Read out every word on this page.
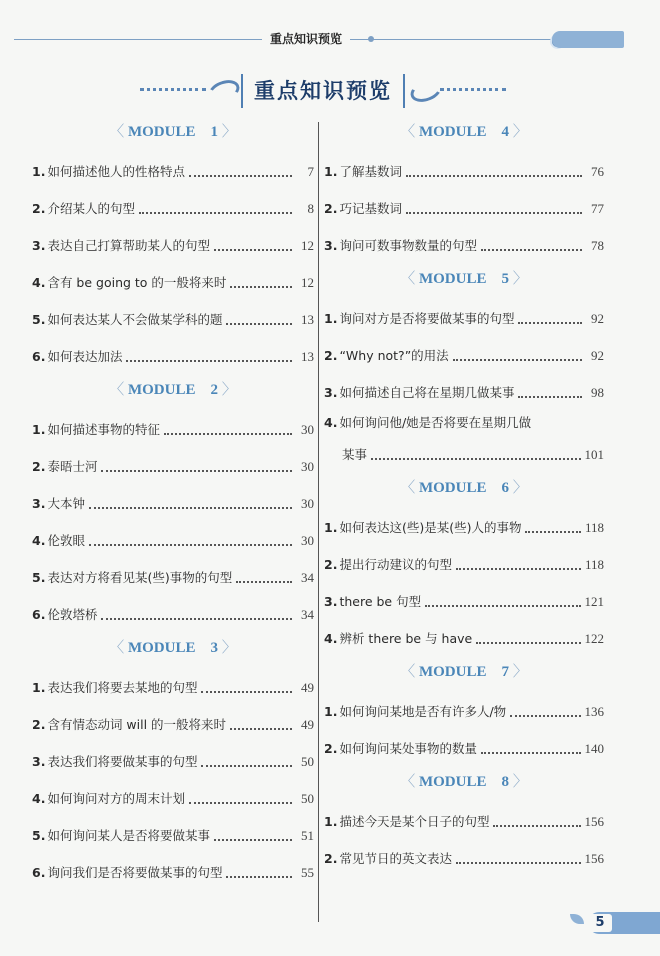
重点知识预览
重点知识预览
〈 MODULE　1 〉
1. 如何描述他人的性格特点	7
2. 介绍某人的句型	8
3. 表达自己打算帮助某人的句型	12
4. 含有 be going to 的一般将来时	12
5. 如何表达某人不会做某学科的题	13
6. 如何表达加法	13
〈 MODULE　2 〉
1. 如何描述事物的特征	30
2. 泰晤士河	30
3. 大本钟	30
4. 伦敦眼	30
5. 表达对方将看见某(些)事物的句型	34
6. 伦敦塔桥	34
〈 MODULE　3 〉
1. 表达我们将要去某地的句型	49
2. 含有情态动词 will 的一般将来时	49
3. 表达我们将要做某事的句型	50
4. 如何询问对方的周末计划	50
5. 如何询问某人是否将要做某事	51
6. 询问我们是否将要做某事的句型	55
〈 MODULE　4 〉
1. 了解基数词	76
2. 巧记基数词	77
3. 询问可数事物数量的句型	78
〈 MODULE　5 〉
1. 询问对方是否将要做某事的句型	92
2. “Why not?”的用法	92
3. 如何描述自己将在星期几做某事	98
4. 如何询问他/她是否将要在星期几做
某事	101
〈 MODULE　6 〉
1. 如何表达这(些)是某(些)人的事物	118
2. 提出行动建议的句型	118
3. there be 句型	121
4. 辨析 there be 与 have	122
〈 MODULE　7 〉
1. 如何询问某地是否有许多人/物	136
2. 如何询问某处事物的数量	140
〈 MODULE　8 〉
1. 描述今天是某个日子的句型	156
2. 常见节日的英文表达	156
5
